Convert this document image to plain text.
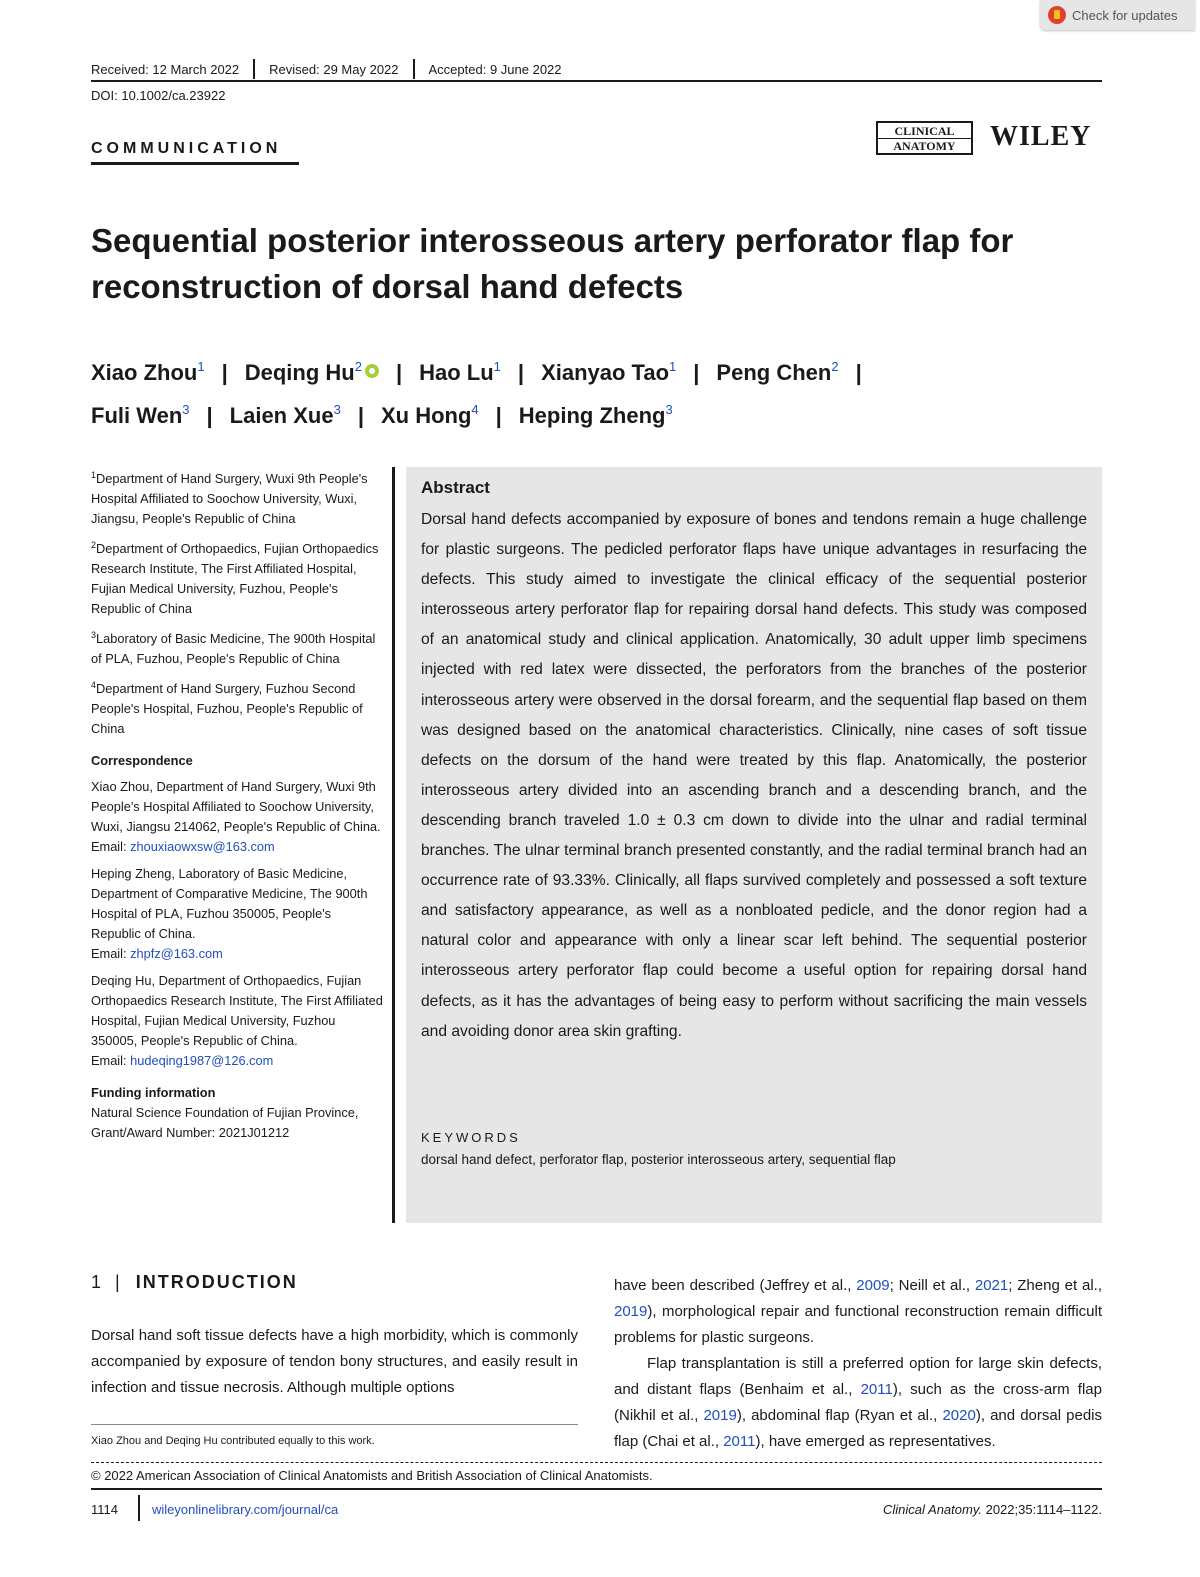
Check for updates
Received: 12 March 2022 Revised: 29 May 2022 Accepted: 9 June 2022
DOI: 10.1002/ca.23922
COMMUNICATION
CLINICAL
ANATOMY	WILEY
Sequential posterior interosseous artery perforator flap for reconstruction of dorsal hand defects
Xiao Zhou$^1$ | Deqing Hu$^2$ | Hao Lu$^1$ | Xianyao Tao$^1$ | Peng Chen$^2$ |
Fuli Wen$^3$ | Laien Xue$^3$ | Xu Hong$^4$ | Heping Zheng$^3$
$^1$Department of Hand Surgery, Wuxi 9th People's Hospital Affiliated to Soochow University, Wuxi, Jiangsu, People's Republic of China
$^2$Department of Orthopaedics, Fujian Orthopaedics Research Institute, The First Affiliated Hospital, Fujian Medical University, Fuzhou, People's Republic of China
$^3$Laboratory of Basic Medicine, The 900th Hospital of PLA, Fuzhou, People's Republic of China
$^4$Department of Hand Surgery, Fuzhou Second People's Hospital, Fuzhou, People's Republic of China
Correspondence
Xiao Zhou, Department of Hand Surgery, Wuxi 9th People's Hospital Affiliated to Soochow University, Wuxi, Jiangsu 214062, People's Republic of China.
Email: zhouxiaowxsw@163.com
Heping Zheng, Laboratory of Basic Medicine, Department of Comparative Medicine, The 900th Hospital of PLA, Fuzhou 350005, People's Republic of China.
Email: zhpfz@163.com
Deqing Hu, Department of Orthopaedics, Fujian Orthopaedics Research Institute, The First Affiliated Hospital, Fujian Medical University, Fuzhou 350005, People's Republic of China.
Email: hudeqing1987@126.com
Funding information
Natural Science Foundation of Fujian Province, Grant/Award Number: 2021J01212
Abstract
Dorsal hand defects accompanied by exposure of bones and tendons remain a huge challenge for plastic surgeons. The pedicled perforator flaps have unique advantages in resurfacing the defects. This study aimed to investigate the clinical efficacy of the sequential posterior interosseous artery perforator flap for repairing dorsal hand defects. This study was composed of an anatomical study and clinical application. Anatomically, 30 adult upper limb specimens injected with red latex were dissected, the perforators from the branches of the posterior interosseous artery were observed in the dorsal forearm, and the sequential flap based on them was designed based on the anatomical characteristics. Clinically, nine cases of soft tissue defects on the dorsum of the hand were treated by this flap. Anatomically, the posterior interosseous artery divided into an ascending branch and a descending branch, and the descending branch traveled 1.0 ± 0.3 cm down to divide into the ulnar and radial terminal branches. The ulnar terminal branch presented constantly, and the radial terminal branch had an occurrence rate of 93.33%. Clinically, all flaps survived completely and possessed a soft texture and satisfactory appearance, as well as a nonbloated pedicle, and the donor region had a natural color and appearance with only a linear scar left behind. The sequential posterior interosseous artery perforator flap could become a useful option for repairing dorsal hand defects, as it has the advantages of being easy to perform without sacrificing the main vessels and avoiding donor area skin grafting.
KEYWORDS
dorsal hand defect, perforator flap, posterior interosseous artery, sequential flap
1 | INTRODUCTION
Dorsal hand soft tissue defects have a high morbidity, which is commonly accompanied by exposure of tendon bony structures, and easily result in infection and tissue necrosis. Although multiple options
Xiao Zhou and Deqing Hu contributed equally to this work.

have been described (Jeffrey et al., 2009; Neill et al., 2021; Zheng et al., 2019), morphological repair and functional reconstruction remain difficult problems for plastic surgeons.

Flap transplantation is still a preferred option for large skin defects, and distant flaps (Benhaim et al., 2011), such as the cross-arm flap (Nikhil et al., 2019), abdominal flap (Ryan et al., 2020), and dorsal pedis flap (Chai et al., 2011), have emerged as representatives.

© 2022 American Association of Clinical Anatomists and British Association of Clinical Anatomists.
1114	wileyonlinelibrary.com/journal/ca	Clinical Anatomy. 2022;35:1114–1122.
